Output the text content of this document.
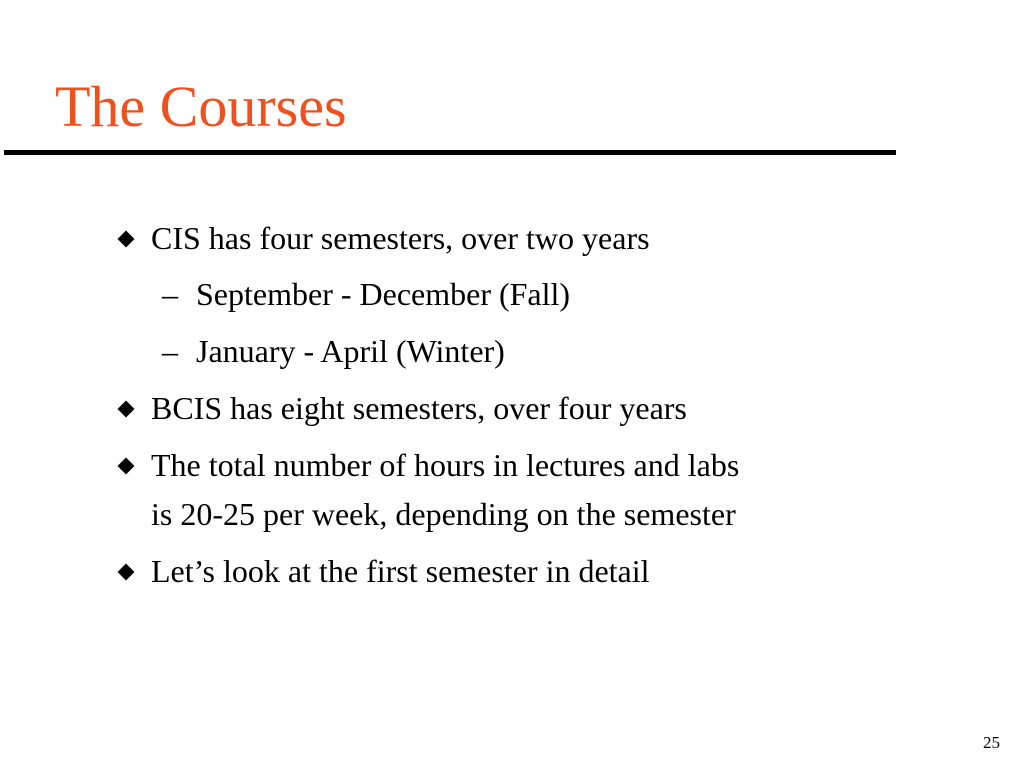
The Courses
CIS has four semesters, over two years
– September - December (Fall)
– January - April (Winter)
BCIS has eight semesters, over four years
The total number of hours in lectures and labs
is 20-25 per week, depending on the semester
Let’s look at the first semester in detail
25
